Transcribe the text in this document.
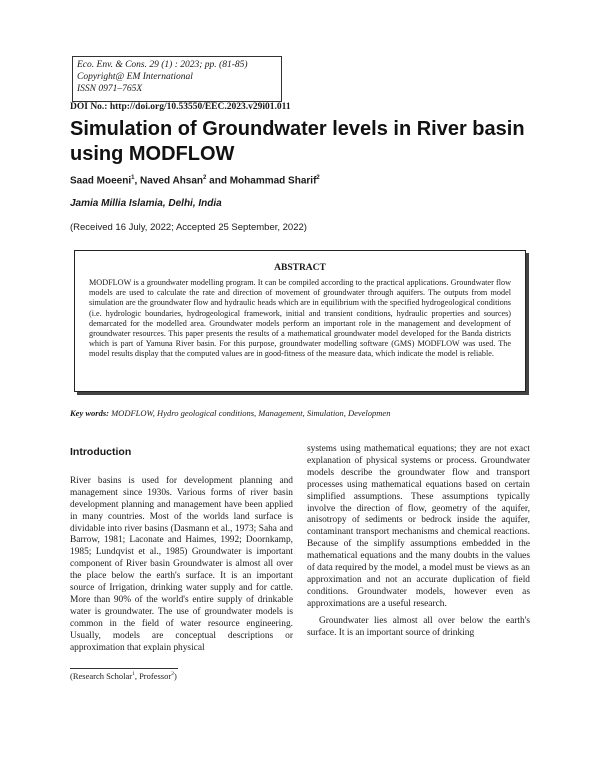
Eco. Env. & Cons. 29 (1) : 2023; pp. (81-85)
Copyright@ EM International
ISSN 0971–765X
DOI No.: http://doi.org/10.53550/EEC.2023.v29i01.011
Simulation of Groundwater levels in River basin using MODFLOW
Saad Moeeni$^1$, Naved Ahsan$^2$ and Mohammad Sharif$^2$
Jamia Millia Islamia, Delhi, India
(Received 16 July, 2022; Accepted 25 September, 2022)
ABSTRACT
MODFLOW is a groundwater modelling program. It can be compiled according to the practical applications. Groundwater flow models are used to calculate the rate and direction of movement of groundwater through aquifers. The outputs from model simulation are the groundwater flow and hydraulic heads which are in equilibrium with the specified hydrogeological conditions (i.e. hydrologic boundaries, hydrogeological framework, initial and transient conditions, hydraulic properties and sources) demarcated for the modelled area. Groundwater models perform an important role in the management and development of groundwater resources. This paper presents the results of a mathematical groundwater model developed for the Banda districts which is part of Yamuna River basin. For this purpose, groundwater modelling software (GMS) MODFLOW was used. The model results display that the computed values are in good-fitness of the measure data, which indicate the model is reliable.
Key words: MODFLOW, Hydro geological conditions, Management, Simulation, Developmen
Introduction

River basins is used for development planning and management since 1930s. Various forms of river basin development planning and management have been applied in many countries. Most of the worlds land surface is dividable into river basins (Dasmann et al., 1973; Saha and Barrow, 1981; Laconate and Haimes, 1992; Doornkamp, 1985; Lundqvist et al., 1985) Groundwater is important component of River basin Groundwater is almost all over the place below the earth's surface. It is an important source of Irrigation, drinking water supply and for cattle. More than 90% of the world's entire supply of drinkable water is groundwater. The use of groundwater models is common in the field of water resource engineering. Usually, models are conceptual descriptions or approximation that explain physical

systems using mathematical equations; they are not exact explanation of physical systems or process. Groundwater models describe the groundwater flow and transport processes using mathematical equations based on certain simplified assumptions. These assumptions typically involve the direction of flow, geometry of the aquifer, anisotropy of sediments or bedrock inside the aquifer, contaminant transport mechanisms and chemical reactions. Because of the simplify assumptions embedded in the mathematical equations and the many doubts in the values of data required by the model, a model must be views as an approximation and not an accurate duplication of field conditions. Groundwater models, however even as approximations are a useful research.

Groundwater lies almost all over below the earth's surface. It is an important source of drinking

(Research Scholar$^1$, Professor$^2$)
